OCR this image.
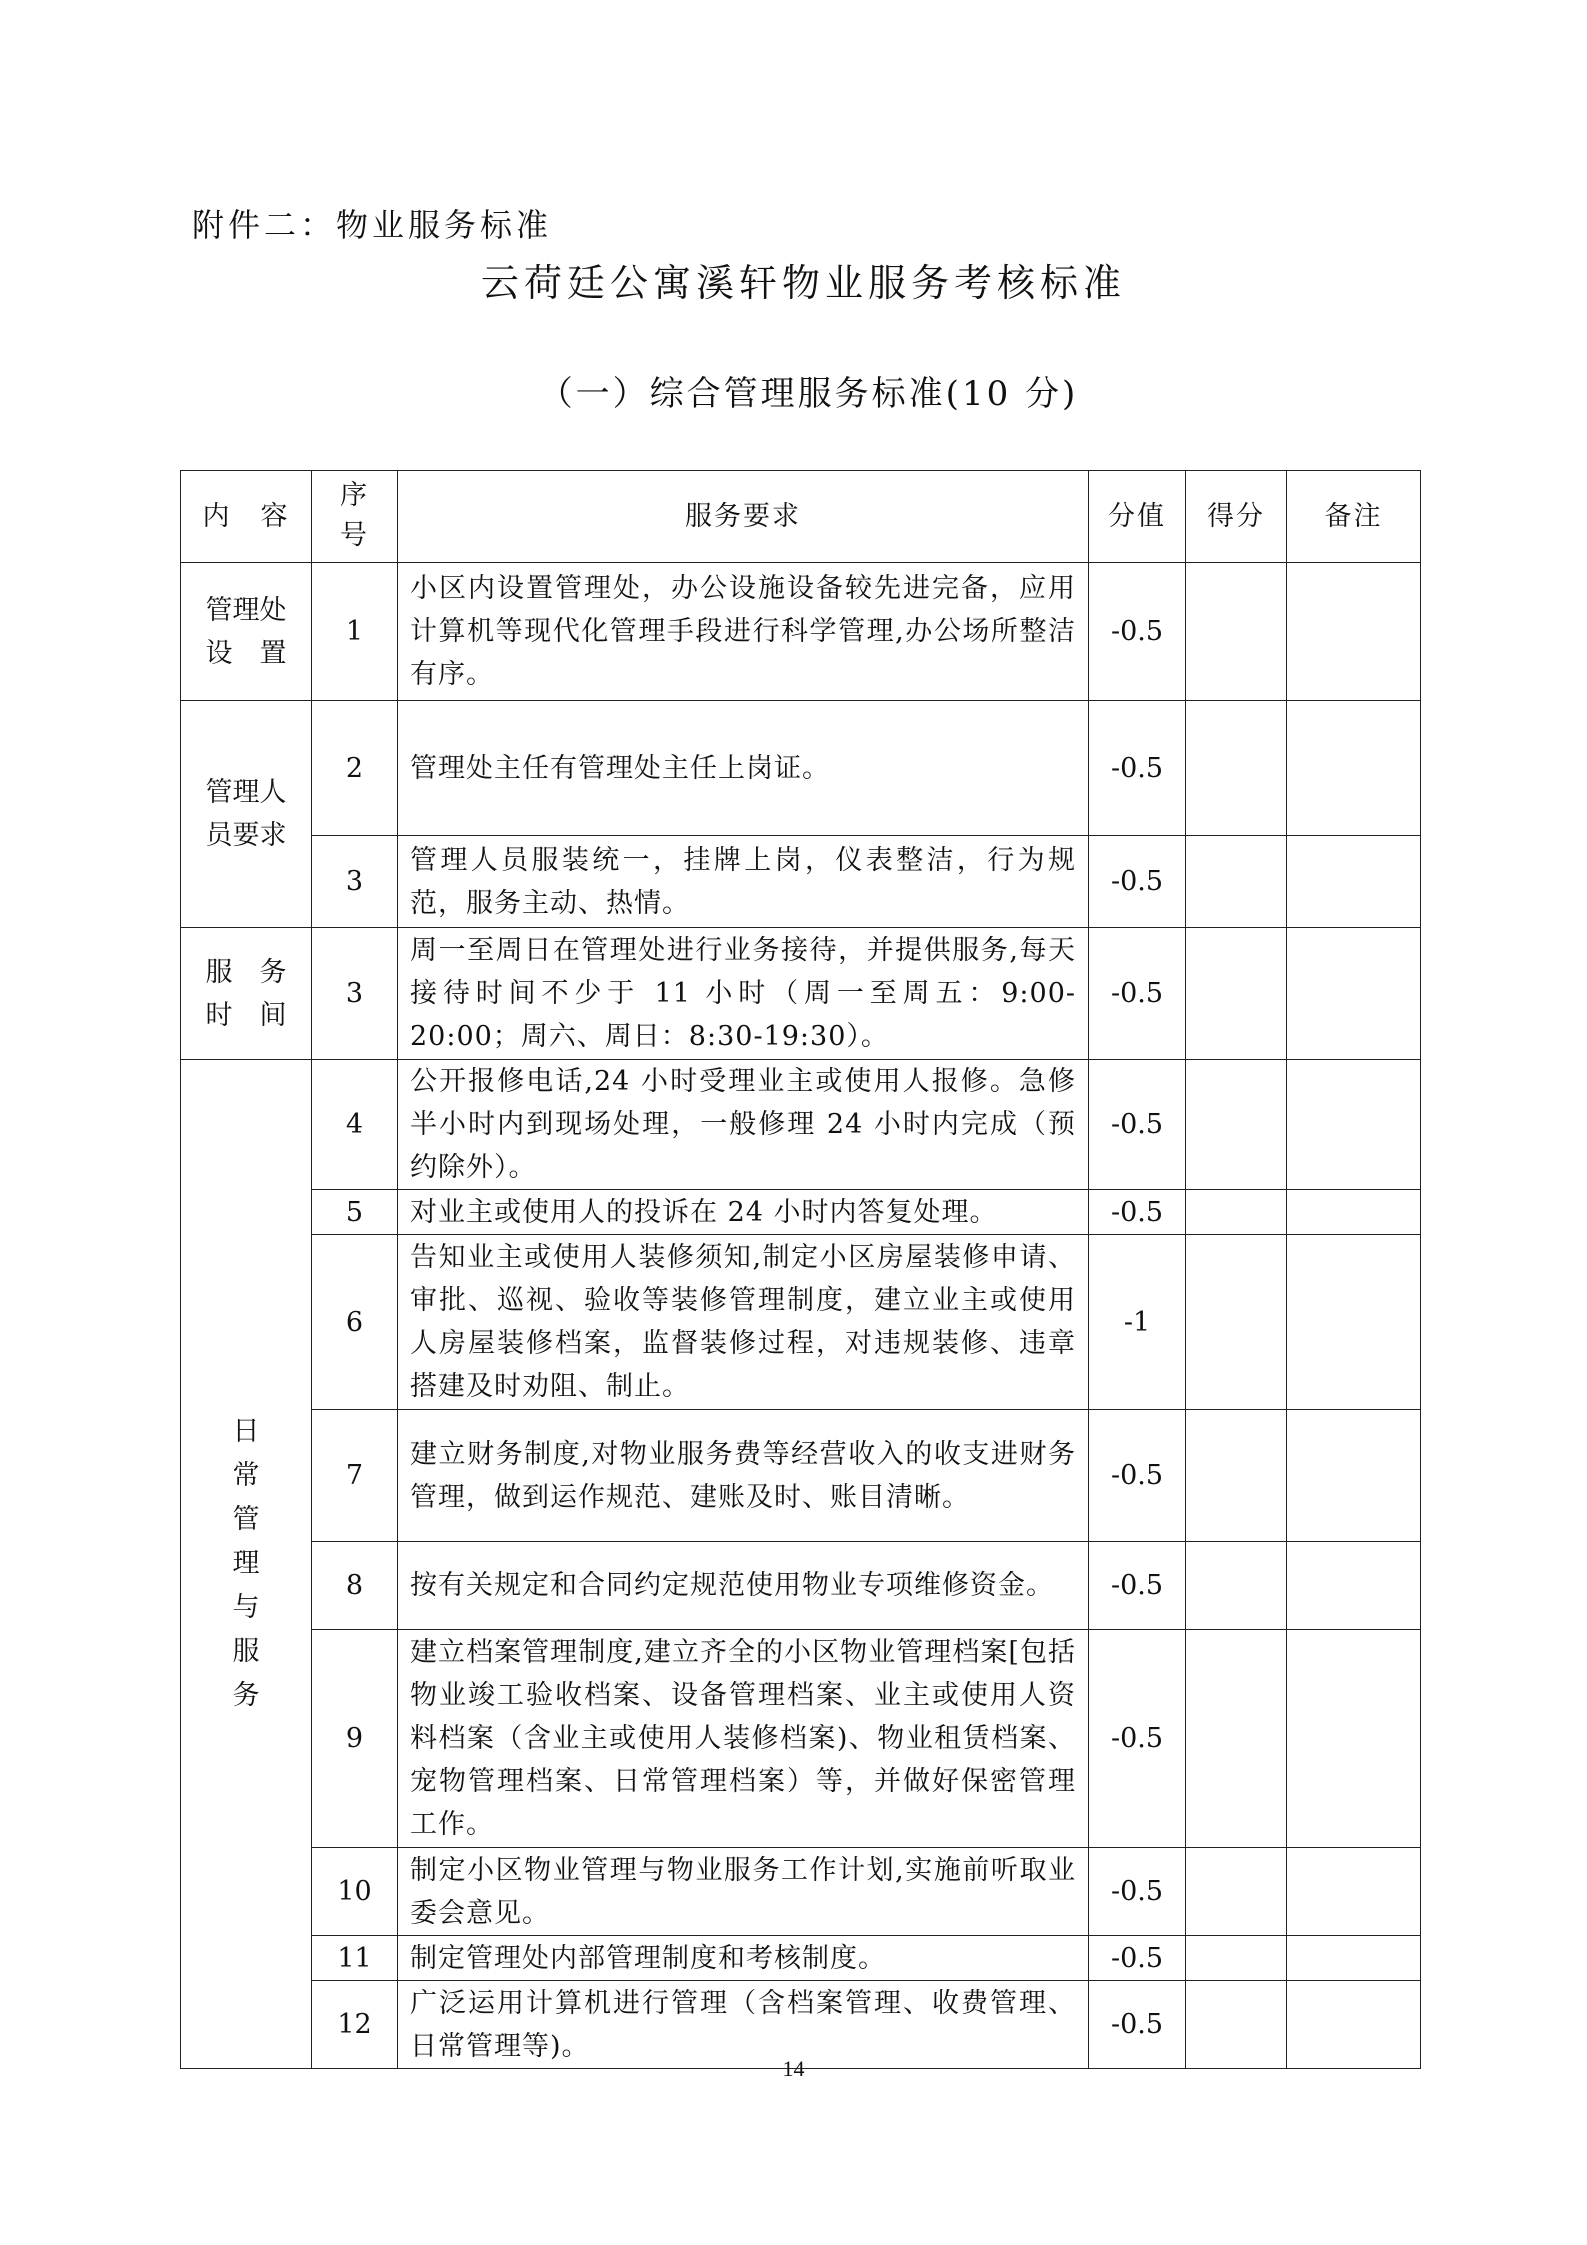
附件二：物业服务标准
云荷廷公寓溪轩物业服务考核标准
（一）综合管理服务标准(10 分)
内　容	序号	服务要求	分值	得分	备注
管理处设　置	1	小区内设置管理处，办公设施设备较先进完备，应用计算机等现代化管理手段进行科学管理,办公场所整洁有序。	-0.5		
管理人员要求	2	管理处主任有管理处主任上岗证。	-0.5		
	3	管理人员服装统一，挂牌上岗，仪表整洁，行为规范，服务主动、热情。	-0.5		
服　务时　间	3	周一至周日在管理处进行业务接待，并提供服务,每天接待时间不少于 11 小时（周一至周五：9:00-20:00；周六、周日：8:30-19:30）。	-0.5		
日常管理与服务	4	公开报修电话,24 小时受理业主或使用人报修。急修半小时内到现场处理，一般修理 24 小时内完成（预约除外）。	-0.5		
	5	对业主或使用人的投诉在 24 小时内答复处理。	-0.5		
	6	告知业主或使用人装修须知,制定小区房屋装修申请、审批、巡视、验收等装修管理制度，建立业主或使用人房屋装修档案，监督装修过程，对违规装修、违章搭建及时劝阻、制止。	-1		
	7	建立财务制度,对物业服务费等经营收入的收支进财务管理，做到运作规范、建账及时、账目清晰。	-0.5		
	8	按有关规定和合同约定规范使用物业专项维修资金。	-0.5		
	9	建立档案管理制度,建立齐全的小区物业管理档案[包括物业竣工验收档案、设备管理档案、业主或使用人资料档案（含业主或使用人装修档案)、物业租赁档案、宠物管理档案、日常管理档案）等，并做好保密管理工作。	-0.5		
	10	制定小区物业管理与物业服务工作计划,实施前听取业委会意见。	-0.5		
	11	制定管理处内部管理制度和考核制度。	-0.5		
	12	广泛运用计算机进行管理（含档案管理、收费管理、日常管理等)。	-0.5		
14
